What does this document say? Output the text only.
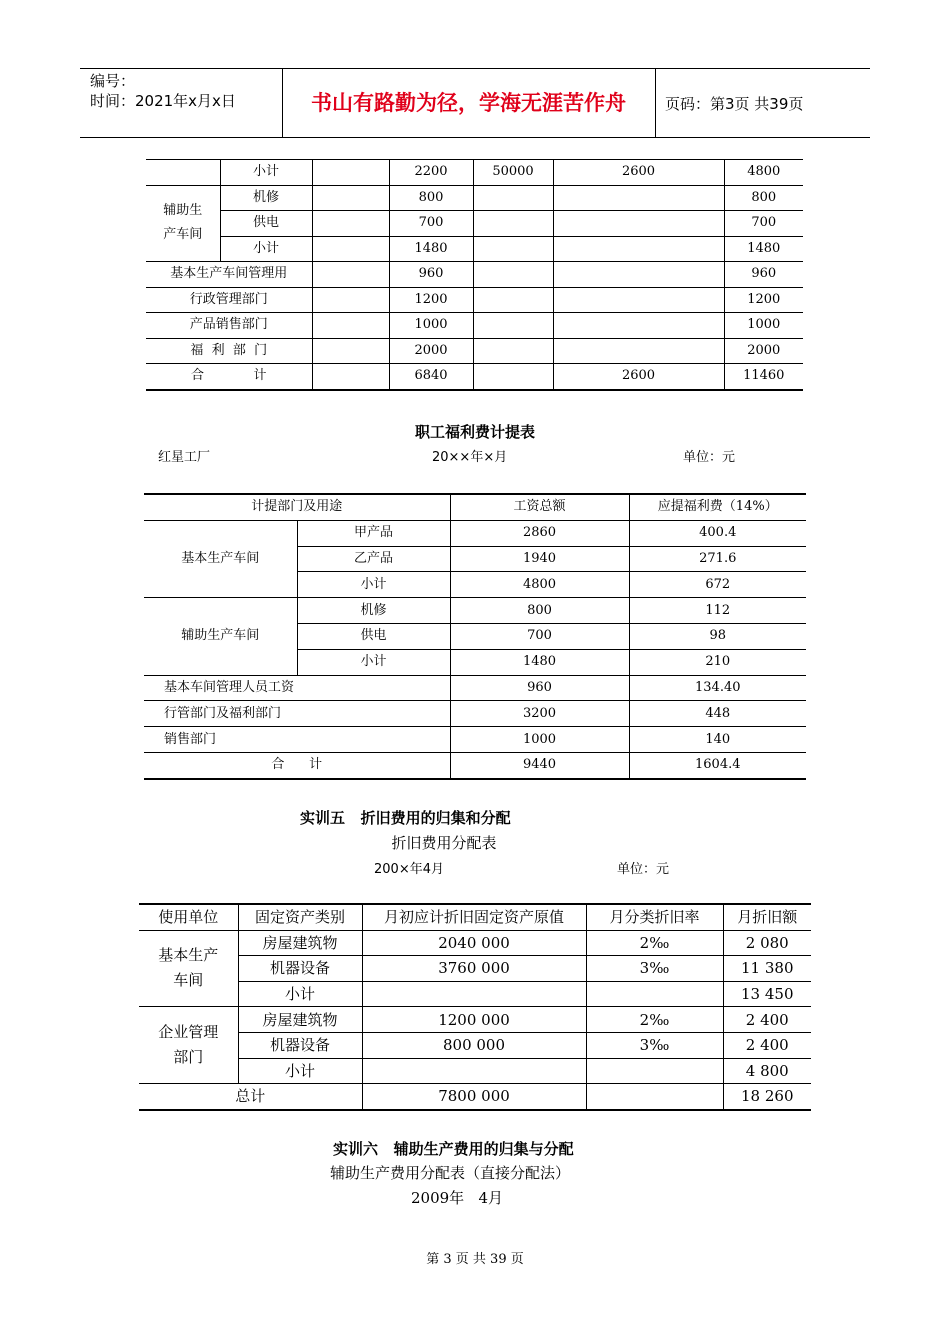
编号：
时间：2021年x月x日	书山有路勤为径，学海无涯苦作舟	页码：第3页 共39页
	小计		2200	50000	2600	4800
辅助生
产车间	机修		800			800
	供电		700			700
	小计		1480			1480
基本生产车间管理用			960			960
行政管理部门			1200			1200
产品销售部门			1000			1000
福  利  部  门			2000			2000
合            计			6840		2600	11460
职工福利费计提表
红星工厂	20××年×月	单位：元
计提部门及用途		工资总额	应提福利费（14%）
基本生产车间	甲产品	2860	400.4
	乙产品	1940	271.6
	小计	4800	672
辅助生产车间	机修	800	112
	供电	700	98
	小计	1480	210
基本车间管理人员工资		960	134.40
行管部门及福利部门		3200	448
销售部门		1000	140
合      计		9440	1604.4
实训五   折旧费用的归集和分配
折旧费用分配表
200×年4月	单位：元
使用单位	固定资产类别	月初应计折旧固定资产原值	月分类折旧率	月折旧额
基本生产
车间	房屋建筑物	2040 000	2‰	2 080
	机器设备	3760 000	3‰	11 380
	小计			13 450
企业管理
部门	房屋建筑物	1200 000	2‰	2 400
	机器设备	800 000	3‰	2 400
	小计			4 800
总计		7800 000		18 260
实训六   辅助生产费用的归集与分配
辅助生产费用分配表（直接分配法）
2009年   4月
第 3 页 共 39 页
